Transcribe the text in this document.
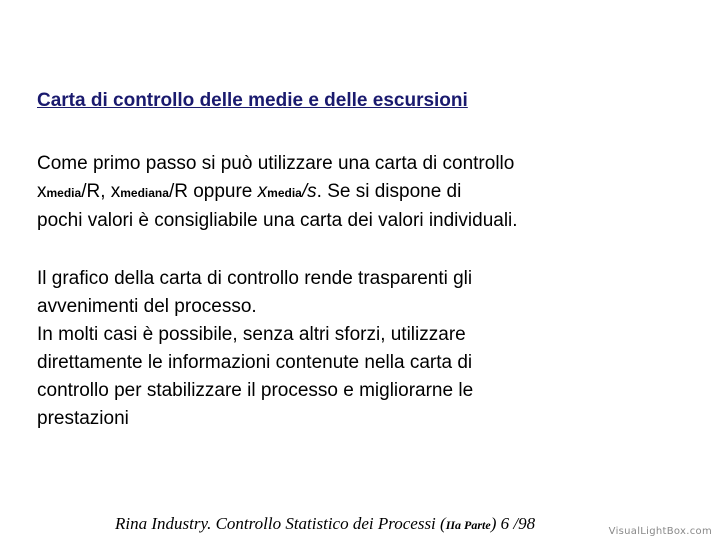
Carta di controllo delle medie e delle escursioni
Come primo passo si può utilizzare una carta di controllo
xmedia/R, xmediana/R oppure xmedia/s. Se si dispone di
pochi valori è consigliabile una carta dei valori individuali.
Il grafico della carta di controllo rende trasparenti gli
avvenimenti del processo.
In molti casi è possibile, senza altri sforzi, utilizzare
direttamente le informazioni contenute nella carta di
controllo per stabilizzare il processo e migliorarne le
prestazioni
Rina Industry. Controllo Statistico dei Processi (IIa Parte) 6 /98	VisualLightBox.com
